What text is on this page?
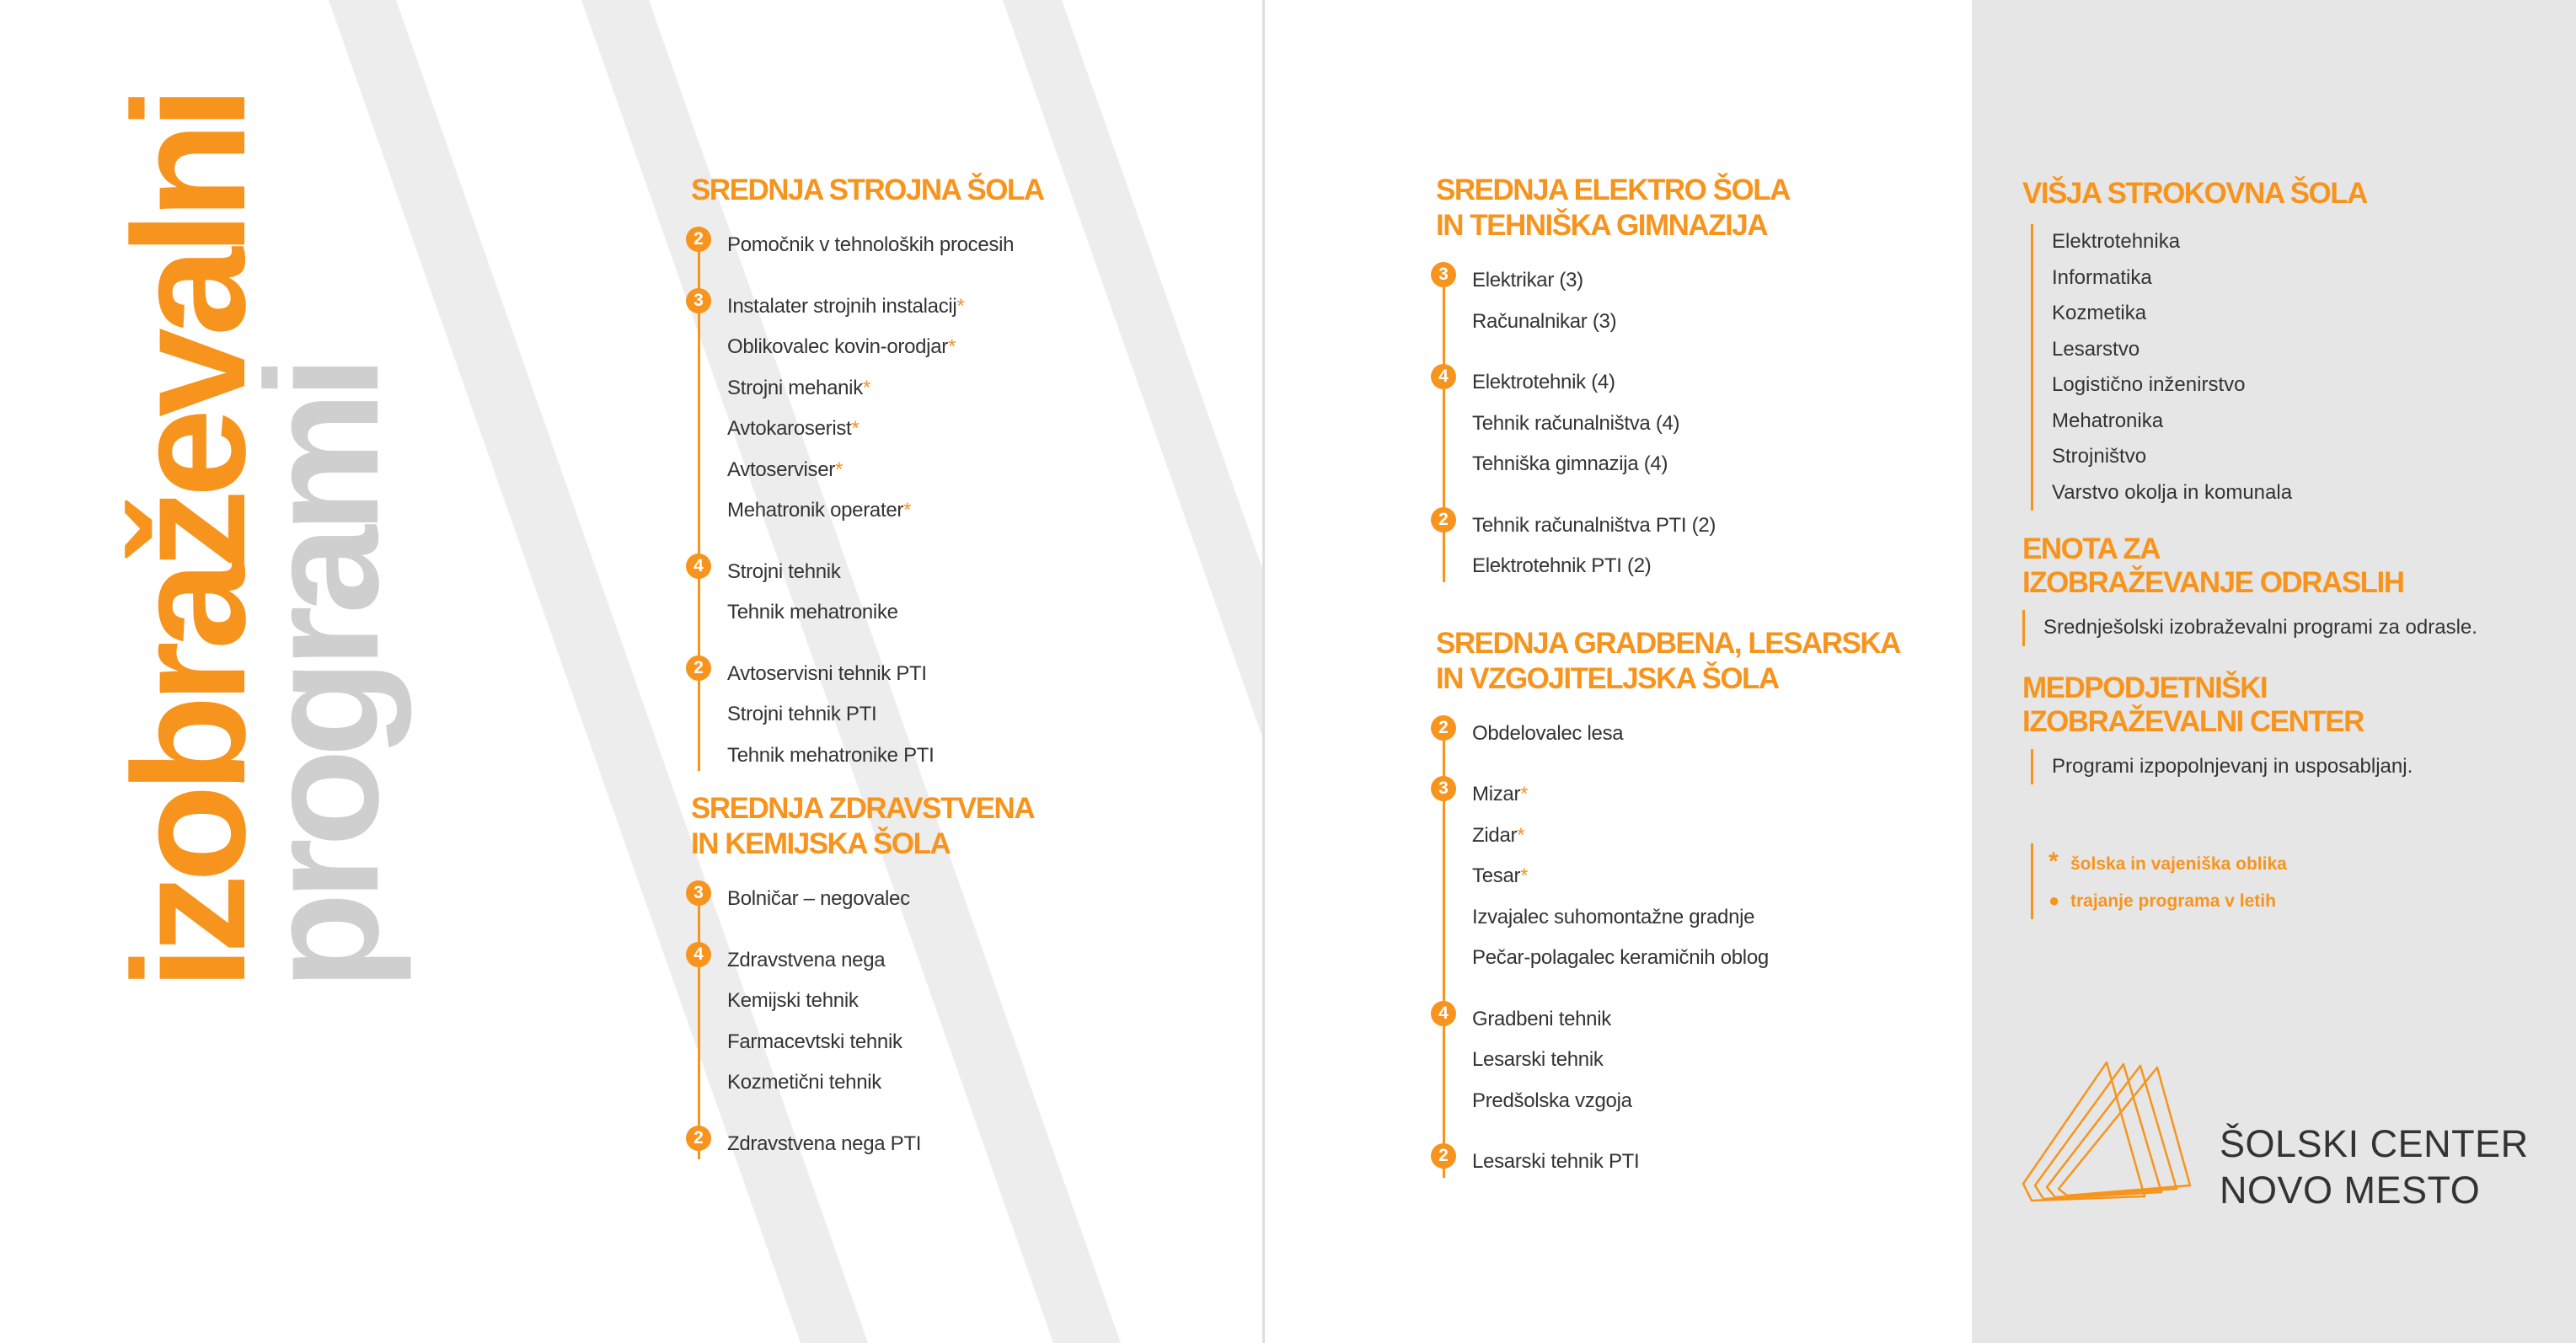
izobraževalni
programi
SREDNJA STROJNA ŠOLA
2	Pomočnik v tehnoloških procesih
3	Instalater strojnih instalacij*
Oblikovalec kovin-orodjar*
Strojni mehanik*
Avtokaroserist*
Avtoserviser*
Mehatronik operater*
4	Strojni tehnik
Tehnik mehatronike
2	Avtoservisni tehnik PTI
Strojni tehnik PTI
Tehnik mehatronike PTI
SREDNJA ZDRAVSTVENA
IN KEMIJSKA ŠOLA
3	Bolničar – negovalec
4	Zdravstvena nega
Kemijski tehnik
Farmacevtski tehnik
Kozmetični tehnik
2	Zdravstvena nega PTI
SREDNJA ELEKTRO ŠOLA
IN TEHNIŠKA GIMNAZIJA
3	Elektrikar (3)
Računalnikar (3)
4	Elektrotehnik (4)
Tehnik računalništva (4)
Tehniška gimnazija (4)
2	Tehnik računalništva PTI (2)
Elektrotehnik PTI (2)
SREDNJA GRADBENA, LESARSKA
IN VZGOJITELJSKA ŠOLA
2	Obdelovalec lesa
3	Mizar*
Zidar*
Tesar*
Izvajalec suhomontažne gradnje
Pečar-polagalec keramičnih oblog
4	Gradbeni tehnik
Lesarski tehnik
Predšolska vzgoja
2	Lesarski tehnik PTI
VIŠJA STROKOVNA ŠOLA
Elektrotehnika
Informatika
Kozmetika
Lesarstvo
Logistično inženirstvo
Mehatronika
Strojništvo
Varstvo okolja in komunala
ENOTA ZA
IZOBRAŽEVANJE ODRASLIH
Srednješolski izobraževalni programi za odrasle.
MEDPODJETNIŠKI
IZOBRAŽEVALNI CENTER
Programi izpopolnjevanj in usposabljanj.
* šolska in vajeniška oblika
● trajanje programa v letih
ŠOLSKI CENTER
NOVO MESTO
